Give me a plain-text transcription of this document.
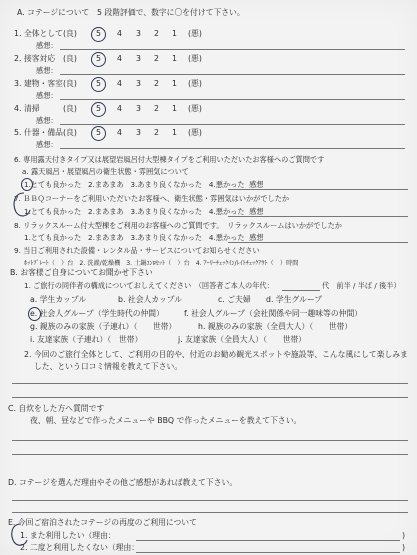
A. コテージについて　5 段階評価で、数字に〇を付けて下さい。
1. 全体として (良) 5 4 3 2 1 (悪)
感想：
2. 接客対応 (良) 5 4 3 2 1 (悪)
感想：
3. 建物・客室 (良) 5 4 3 2 1 (悪)
感想：
4. 清掃	(良) 5 4 3 2 1 (悪)
感想：
5. 什器・備品 (良) 5 4 3 2 1 (悪)
感想：
6. 専用露天付きタイプ又は展望岩風呂付大型棟タイプをご利用いただいたお客様へのご質問です
a. 露天風呂・展望風呂の衛生状態・雰囲気について
1.とても良かった 2.まあまあ 3.あまり良くなかった 4.悪かった 感想
7. ＢＢＱコーナーをご利用いただいたお客様へ、衛生状態・雰囲気はいかがでしたか
1.とても良かった 2.まあまあ 3.あまり良くなかった 4.悪かった 感想
8. リラックスルーム付大型棟をご利用のお客様へのご質問です。　リラックスルームはいかがでしたか
1.とても良かった 2.まあまあ 3.あまり良くなかった 4.悪かった 感想
9. 当日ご利用された設備・レンタル品・サービスについてお知らせください
ﾎｯﾄﾌﾟﾚｰﾄ（　）台 2. 洗濯/乾燥機 3. 土鍋ｺﾝﾛｾｯﾄ（　）台 4. ｱｰﾘｰﾁｪｯｸｲﾝ/ﾚｲﾄﾁｪｯｸｱｳﾄ（　）時間
B. お客様ご自身についてお聞かせ下さい
1. ご旅行の同伴者の構成についておしえてください　（回答者ご本人の年代：	代　前半 / 半ば / 後半）
a. 学生カップル	b. 社会人カップル	c. ご夫婦 d. 学生グループ
e. 社会人グループ（学生時代の仲間）	f. 社会人グループ（会社関係や同一趣味等の仲間）
g. 親族のみの家族（子連れ）（　　世帯）	h. 親族のみの家族（全員大人）（　　世帯）
i. 友達家族（子連れ）（　世帯）	j. 友達家族（全員大人）（　　世帯）
2. 今回のご旅行全体として、ご利用の目的や、付近のお勧め観光スポットや施設等、こんな風にして楽しみま
した、という口コミ情報を教えて下さい。
C. 自炊をした方へ質問です
夜、朝、昼などで作ったメニューや BBQ で作ったメニューを教えて下さい。
D. コテージを選んだ理由やその他ご感想があれば教えて下さい。
E. 今回ご宿泊されたコテージの再度のご利用について
1. また利用したい（理由：
2. 二度と利用したくない（理由：
)
)
